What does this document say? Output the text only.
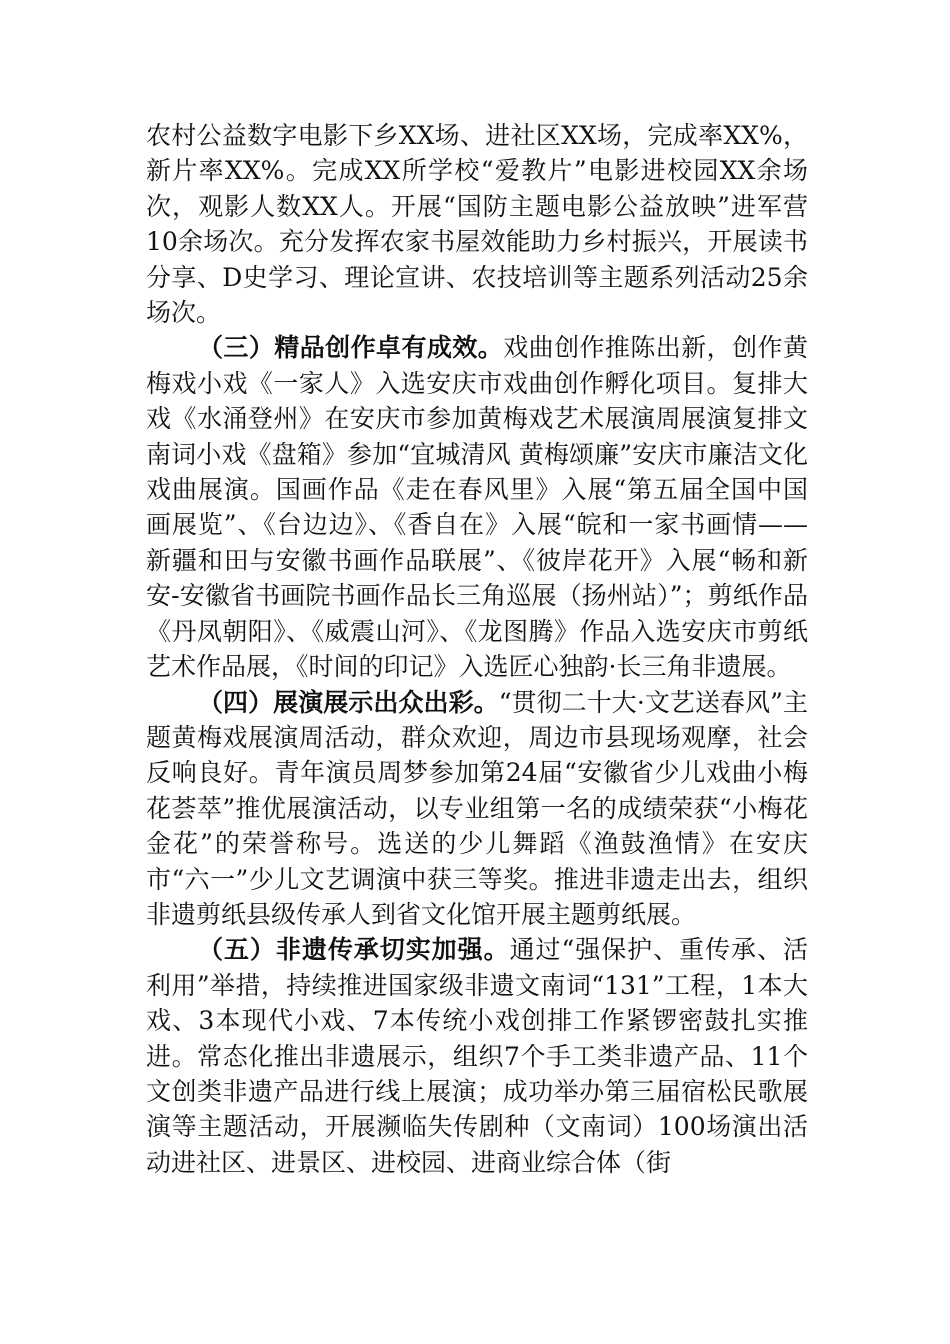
农村公益数字电影下乡XX场、进社区XX场，完成率XX%，新片率XX%。完成XX所学校“爱教片”电影进校园XX余场次，观影人数XX人。开展“国防主题电影公益放映”进军营10余场次。充分发挥农家书屋效能助力乡村振兴，开展读书分享、D史学习、理论宣讲、农技培训等主题系列活动25余场次。

（三）精品创作卓有成效。戏曲创作推陈出新，创作黄梅戏小戏《一家人》入选安庆市戏曲创作孵化项目。复排大戏《水涌登州》在安庆市参加黄梅戏艺术展演周展演复排文南词小戏《盘箱》参加“宜城清风 黄梅颂廉”安庆市廉洁文化戏曲展演。国画作品《走在春风里》入展“第五届全国中国画展览”、《台边边》、《香自在》入展“皖和一家书画情——新疆和田与安徽书画作品联展”、《彼岸花开》入展“畅和新安-安徽省书画院书画作品长三角巡展（扬州站）”；剪纸作品《丹凤朝阳》、《威震山河》、《龙图腾》作品入选安庆市剪纸艺术作品展，《时间的印记》入选匠心独韵·长三角非遗展。

（四）展演展示出众出彩。“贯彻二十大·文艺送春风”主题黄梅戏展演周活动，群众欢迎，周边市县现场观摩，社会反响良好。青年演员周梦参加第24届“安徽省少儿戏曲小梅花荟萃”推优展演活动，以专业组第一名的成绩荣获“小梅花金花”的荣誉称号。选送的少儿舞蹈《渔鼓渔情》在安庆市“六一”少儿文艺调演中获三等奖。推进非遗走出去，组织非遗剪纸县级传承人到省文化馆开展主题剪纸展。

（五）非遗传承切实加强。通过“强保护、重传承、活利用”举措，持续推进国家级非遗文南词“131”工程，1本大戏、3本现代小戏、7本传统小戏创排工作紧锣密鼓扎实推进。常态化推出非遗展示，组织7个手工类非遗产品、11个文创类非遗产品进行线上展演；成功举办第三届宿松民歌展演等主题活动，开展濒临失传剧种（文南词）100场演出活动进社区、进景区、进校园、进商业综合体（街
